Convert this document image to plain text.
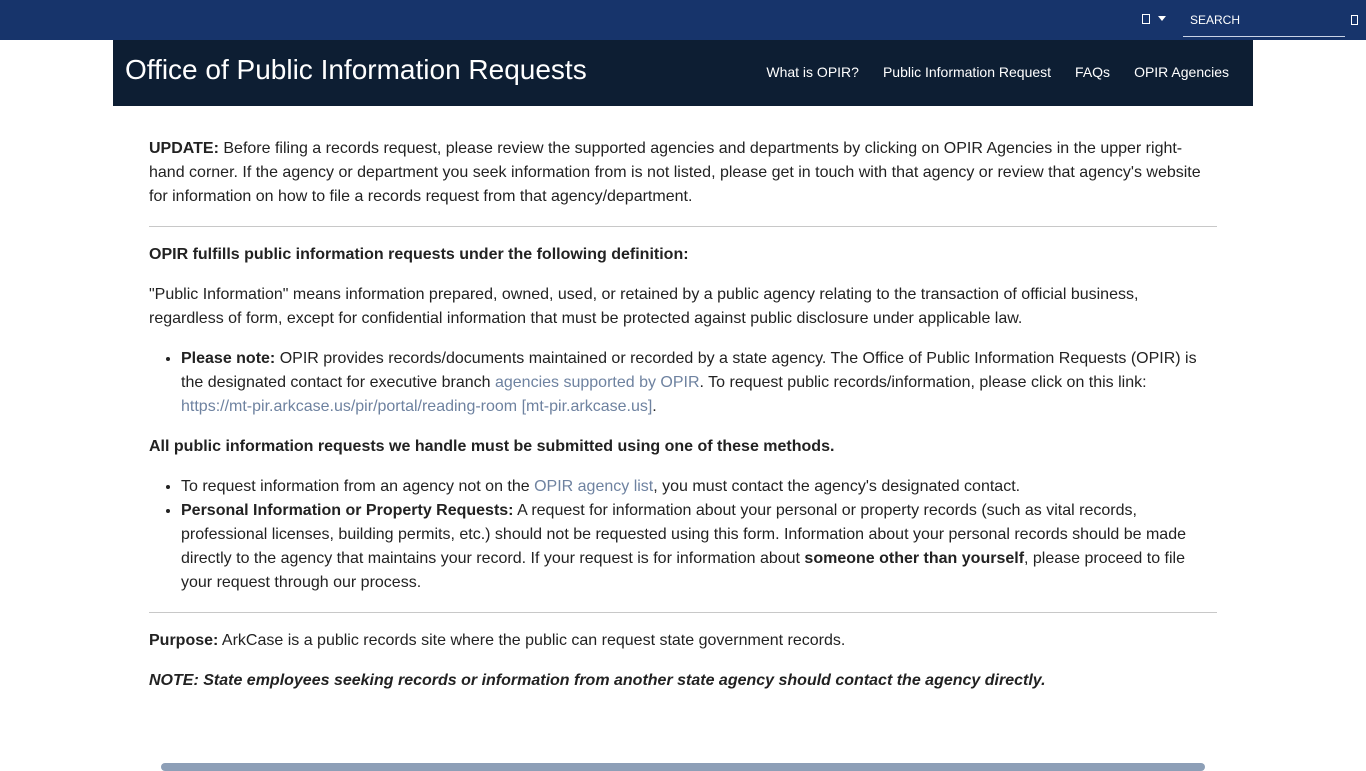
SEARCH
Office of Public Information Requests	What is OPIR? Public Information Request FAQs OPIR Agencies

UPDATE: Before filing a records request, please review the supported agencies and departments by clicking on OPIR Agencies in the upper right-hand corner. If the agency or department you seek information from is not listed, please get in touch with that agency or review that agency's website for information on how to file a records request from that agency/department.

OPIR fulfills public information requests under the following definition:

"Public Information" means information prepared, owned, used, or retained by a public agency relating to the transaction of official business, regardless of form, except for confidential information that must be protected against public disclosure under applicable law.

• Please note: OPIR provides records/documents maintained or recorded by a state agency. The Office of Public Information Requests (OPIR) is the designated contact for executive branch agencies supported by OPIR. To request public records/information, please click on this link: https://mt-pir.arkcase.us/pir/portal/reading-room [mt-pir.arkcase.us].

All public information requests we handle must be submitted using one of these methods.

• To request information from an agency not on the OPIR agency list, you must contact the agency's designated contact.
• Personal Information or Property Requests: A request for information about your personal or property records (such as vital records, professional licenses, building permits, etc.) should not be requested using this form. Information about your personal records should be made directly to the agency that maintains your record. If your request is for information about someone other than yourself, please proceed to file your request through our process.

Purpose: ArkCase is a public records site where the public can request state government records.

NOTE: State employees seeking records or information from another state agency should contact the agency directly.
